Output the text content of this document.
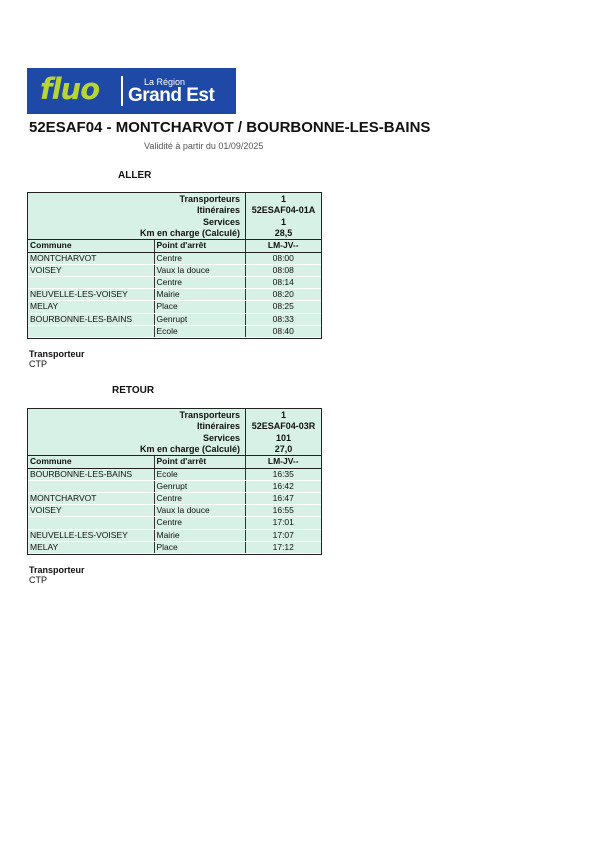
fluo	La Région
Grand Est
52ESAF04 - MONTCHARVOT / BOURBONNE-LES-BAINS
Validité à partir du 01/09/2025
ALLER
Transporteurs	1
Itinéraires	52ESAF04-01A
Services	1
Km en charge (Calculé)	28,5
Commune	Point d'arrêt	LM-JV--
MONTCHARVOT	Centre	08:00
VOISEY	Vaux la douce	08:08
	Centre	08:14
NEUVELLE-LES-VOISEY	Mairie	08:20
MELAY	Place	08:25
BOURBONNE-LES-BAINS	Genrupt	08:33
	Ecole	08:40
Transporteur
CTP
RETOUR
Transporteurs	1
Itinéraires	52ESAF04-03R
Services	101
Km en charge (Calculé)	27,0
Commune	Point d'arrêt	LM-JV--
BOURBONNE-LES-BAINS	Ecole	16:35
	Genrupt	16:42
MONTCHARVOT	Centre	16:47
VOISEY	Vaux la douce	16:55
	Centre	17:01
NEUVELLE-LES-VOISEY	Mairie	17:07
MELAY	Place	17:12
Transporteur
CTP
